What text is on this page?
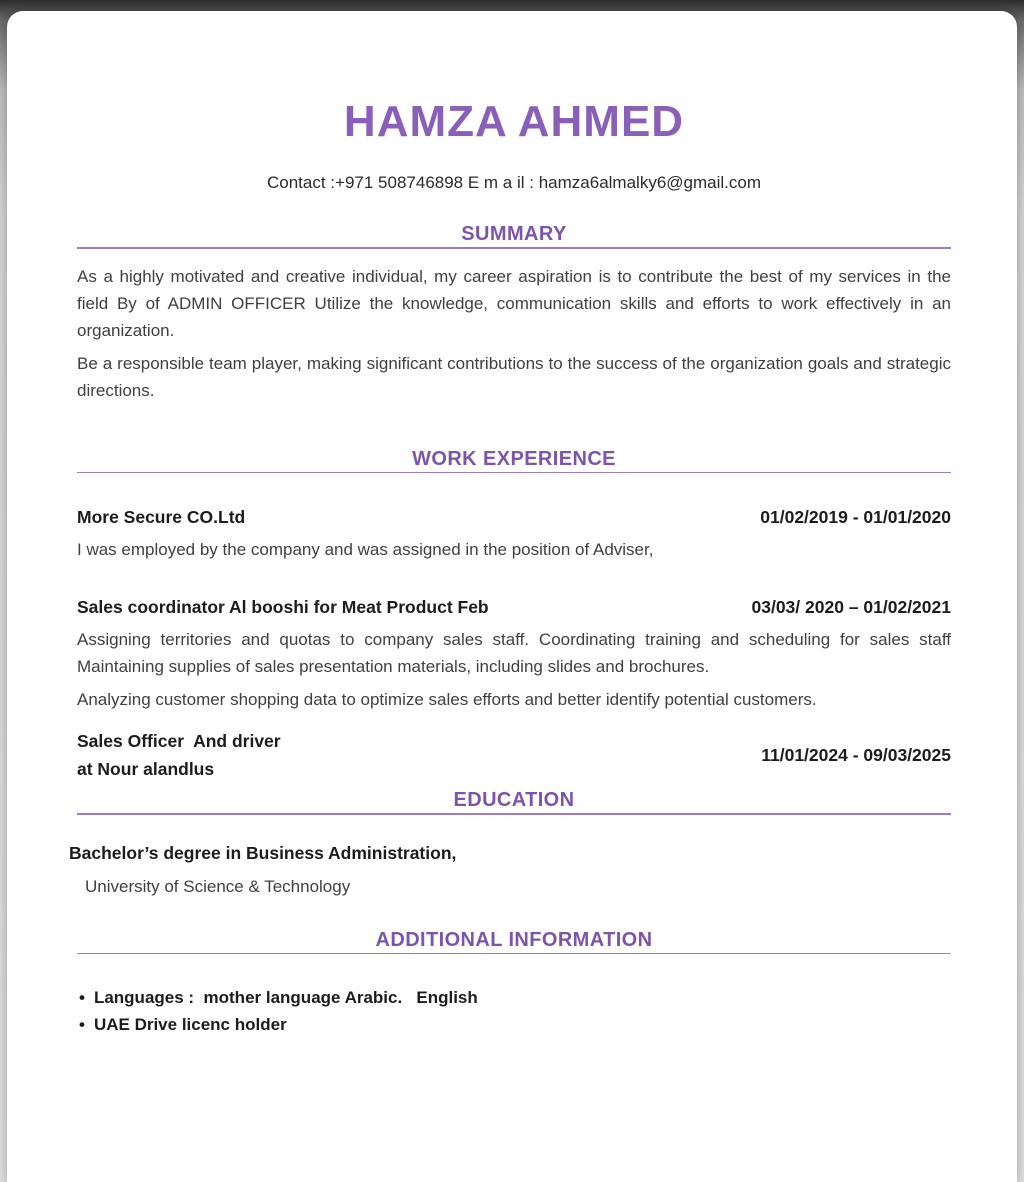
HAMZA AHMED

Contact :+971 508746898 E m a il : hamza6almalky6@gmail.com

SUMMARY

As a highly motivated and creative individual, my career aspiration is to contribute the best of my services in the field By of ADMIN OFFICER Utilize the knowledge, communication skills and efforts to work effectively in an organization.

Be a responsible team player, making significant contributions to the success of the organization goals and strategic directions.

WORK EXPERIENCE
More Secure CO.Ltd	01/02/2019 - 01/01/2020

I was employed by the company and was assigned in the position of Adviser,

Sales coordinator Al booshi for Meat Product Feb	03/03/ 2020 – 01/02/2021

Assigning territories and quotas to company sales staff. Coordinating training and scheduling for sales staff Maintaining supplies of sales presentation materials, including slides and brochures.

Analyzing customer shopping data to optimize sales efforts and better identify potential customers.

Sales Officer  And driver
at Nour alandlus
11/01/2024 - 09/03/2025
EDUCATION

Bachelor’s degree in Business Administration,

University of Science & Technology

ADDITIONAL INFORMATION
•
Languages :  mother language Arabic.   English
•
UAE Drive licenc holder
